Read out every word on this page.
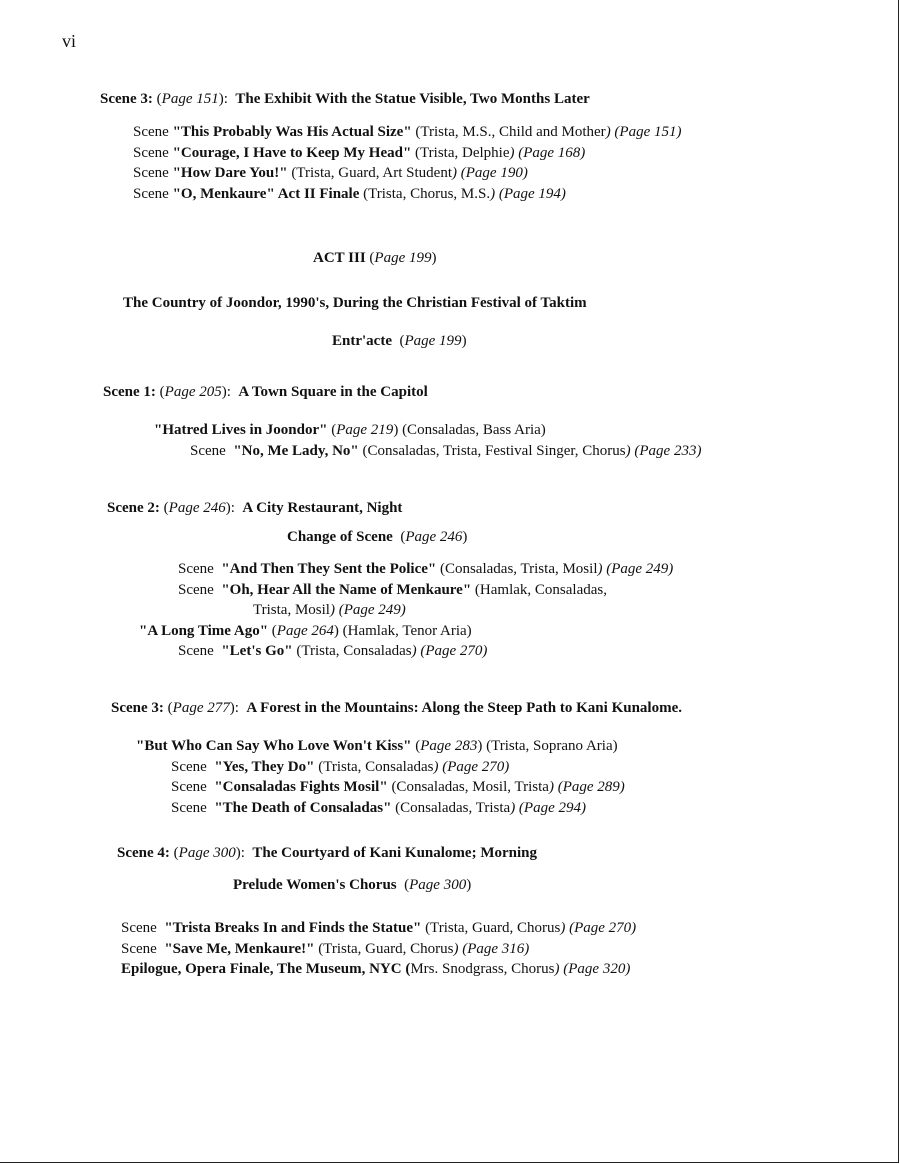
vi
Scene 3: (Page 151): The Exhibit With the Statue Visible, Two Months Later
Scene "This Probably Was His Actual Size" (Trista, M.S., Child and Mother) (Page 151)
Scene "Courage, I Have to Keep My Head" (Trista, Delphie) (Page 168)
Scene "How Dare You!" (Trista, Guard, Art Student) (Page 190)
Scene "O, Menkaure" Act II Finale (Trista, Chorus, M.S.) (Page 194)
ACT III (Page 199)
The Country of Joondor, 1990's, During the Christian Festival of Taktim
Entr'acte (Page 199)
Scene 1: (Page 205): A Town Square in the Capitol
"Hatred Lives in Joondor" (Page 219) (Consaladas, Bass Aria)
Scene "No, Me Lady, No" (Consaladas, Trista, Festival Singer, Chorus) (Page 233)
Scene 2: (Page 246): A City Restaurant, Night
Change of Scene (Page 246)
Scene "And Then They Sent the Police" (Consaladas, Trista, Mosil) (Page 249)
Scene "Oh, Hear All the Name of Menkaure" (Hamlak, Consaladas,
Trista, Mosil) (Page 249)
"A Long Time Ago" (Page 264) (Hamlak, Tenor Aria)
Scene "Let's Go" (Trista, Consaladas) (Page 270)
Scene 3: (Page 277): A Forest in the Mountains: Along the Steep Path to Kani Kunalome.
"But Who Can Say Who Love Won't Kiss" (Page 283) (Trista, Soprano Aria)
Scene "Yes, They Do" (Trista, Consaladas) (Page 270)
Scene "Consaladas Fights Mosil" (Consaladas, Mosil, Trista) (Page 289)
Scene "The Death of Consaladas" (Consaladas, Trista) (Page 294)
Scene 4: (Page 300): The Courtyard of Kani Kunalome; Morning
Prelude Women's Chorus (Page 300)
Scene "Trista Breaks In and Finds the Statue" (Trista, Guard, Chorus) (Page 270)
Scene "Save Me, Menkaure!" (Trista, Guard, Chorus) (Page 316)
Epilogue, Opera Finale, The Museum, NYC (Mrs. Snodgrass, Chorus) (Page 320)
